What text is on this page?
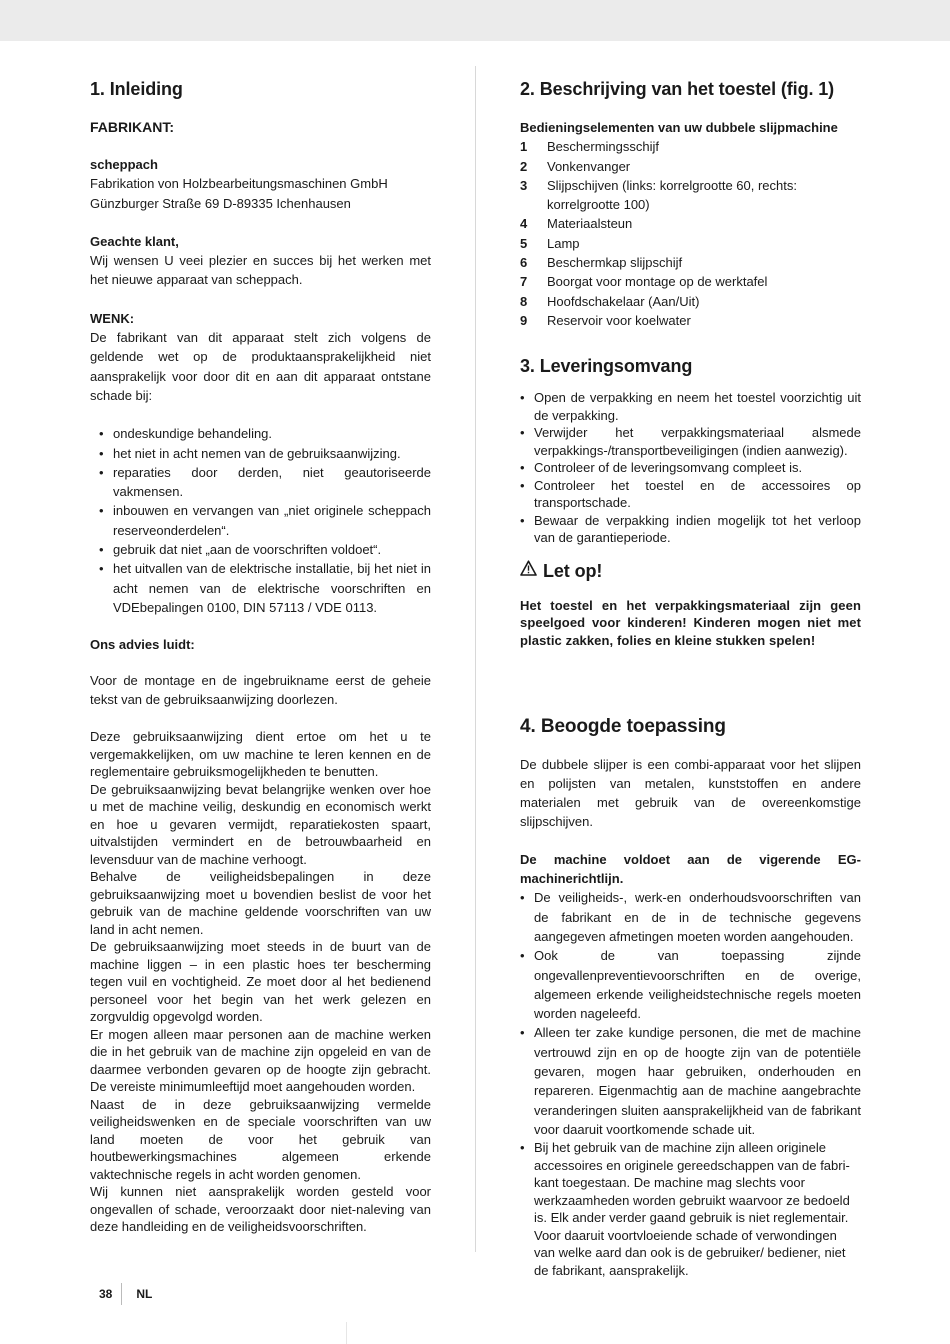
1. Inleiding
FABRIKANT:

scheppach

Fabrikation von Holzbearbeitungsmaschinen GmbH

Günzburger Straße 69 D-89335 Ichenhausen

Geachte klant,

Wij wensen U veei plezier en succes bij het werken met het nieuwe apparaat van scheppach.

WENK:

De fabrikant van dit apparaat stelt zich volgens de geldende wet op de produktaansprakelijkheid niet aansprakelijk voor door dit en aan dit apparaat ontstane schade bij:

• ondeskundige behandeling.
• het niet in acht nemen van de gebruiksaanwijzing.
• reparaties door derden, niet geautoriseerde vakmensen.
• inbouwen en vervangen van „niet originele scheppach reserveonderdelen“.
• gebruik dat niet „aan de voorschriften voldoet“.
• het uitvallen van de elektrische installatie, bij het niet in acht nemen van de elektrische voorschriften en VDEbepalingen 0100, DIN 57113 / VDE 0113.

Ons advies luidt:

Voor de montage en de ingebruikname eerst de geheie tekst van de gebruiksaanwijzing doorlezen.

Deze gebruiksaanwijzing dient ertoe om het u te vergemakkelijken, om uw machine te leren kennen en de reglementaire gebruiksmogelijkheden te benutten.

De gebruiksaanwijzing bevat belangrijke wenken over hoe u met de machine veilig, deskundig en economisch werkt en hoe u gevaren vermijdt, reparatiekosten spaart, uitvalstijden vermindert en de betrouwbaarheid en levensduur van de machine verhoogt.

Behalve de veiligheidsbepalingen in deze gebruiksaanwijzing moet u bovendien beslist de voor het gebruik van de machine geldende voorschriften van uw land in acht nemen.

De gebruiksaanwijzing moet steeds in de buurt van de machine liggen – in een plastic hoes ter bescherming tegen vuil en vochtigheid. Ze moet door al het bedienend personeel voor het begin van het werk gelezen en zorgvuldig opgevolgd worden.

Er mogen alleen maar personen aan de machine werken die in het gebruik van de machine zijn opgeleid en van de daarmee verbonden gevaren op de hoogte zijn gebracht. De vereiste minimumleeftijd moet aangehouden worden.

Naast de in deze gebruiksaanwijzing vermelde veiligheidswenken en de speciale voorschriften van uw land moeten de voor het gebruik van houtbewerkingsmachines algemeen erkende vaktechnische regels in acht worden genomen.

Wij kunnen niet aansprakelijk worden gesteld voor ongevallen of schade, veroorzaakt door niet-naleving van deze handleiding en de veiligheidsvoorschriften.

2. Beschrijving van het toestel (fig. 1)

Bedieningselementen van uw dubbele slijpmachine

1	Beschermingsschijf
2	Vonkenvanger
3	Slijpschijven (links: korrelgrootte 60, rechts: korrelgrootte 100)
4	Materiaalsteun
5	Lamp
6	Beschermkap slijpschijf
7	Boorgat voor montage op de werktafel
8	Hoofdschakelaar (Aan/Uit)
9	Reservoir voor koelwater
3. Leveringsomvang
• Open de verpakking en neem het toestel voorzichtig uit de verpakking.
• Verwijder het verpakkingsmateriaal alsmede verpakkings-/transportbeveiligingen (indien aanwezig).
• Controleer of de leveringsomvang compleet is.
• Controleer het toestel en de accessoires op transportschade.
• Bewaar de verpakking indien mogelijk tot het verloop van de garantieperiode.
Let op!

Het toestel en het verpakkingsmateriaal zijn geen speelgoed voor kinderen! Kinderen mogen niet met plastic zakken, folies en kleine stukken spelen!

4. Beoogde toepassing

De dubbele slijper is een combi-apparaat voor het slijpen en polijsten van metalen, kunststoffen en andere materialen met gebruik van de overeenkomstige slijpschijven.

De machine voldoet aan de vigerende EG-machinerichtlijn.

• De veiligheids-, werk-en onderhoudsvoorschriften van de fabrikant en de in de technische gegevens aangegeven afmetingen moeten worden aangehouden.
• Ook de van toepassing zijnde ongevallenpreventievoorschriften en de overige, algemeen erkende veiligheidstechnische regels moeten worden nageleefd.
• Alleen ter zake kundige personen, die met de machine vertrouwd zijn en op de hoogte zijn van de potentiële gevaren, mogen haar gebruiken, onderhouden en repareren. Eigenmachtig aan de machine aangebrachte veranderingen sluiten aansprakelijkheid van de fabrikant voor daaruit voortkomende schade uit.
• Bij het gebruik van de machine zijn alleen originele accessoires en originele gereedschappen van de fabri-kant toegestaan. De machine mag slechts voor werkzaamheden worden gebruikt waarvoor ze bedoeld is. Elk ander verder gaand gebruik is niet reglementair. Voor daaruit voortvloeiende schade of verwondingen van welke aard dan ook is de gebruiker/ bediener, niet de fabrikant, aansprakelijk.
38 NL
